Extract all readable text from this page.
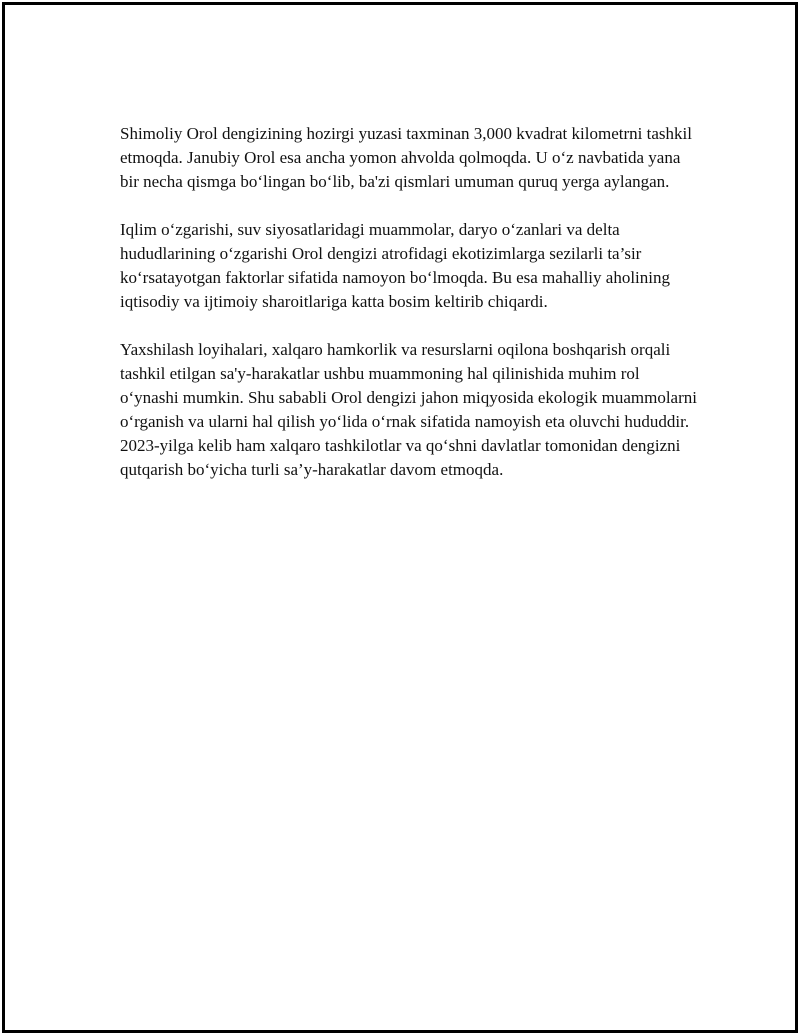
Shimoliy Orol dengizining hozirgi yuzasi taxminan 3,000 kvadrat kilometrni tashkil etmoqda. Janubiy Orol esa ancha yomon ahvolda qolmoqda. U o‘z navbatida yana bir necha qismga bo‘lingan bo‘lib, ba'zi qismlari umuman quruq yerga aylangan.

Iqlim o‘zgarishi, suv siyosatlaridagi muammolar, daryo o‘zanlari va delta hududlarining o‘zgarishi Orol dengizi atrofidagi ekotizimlarga sezilarli ta’sir ko‘rsatayotgan faktorlar sifatida namoyon bo‘lmoqda. Bu esa mahalliy aholining iqtisodiy va ijtimoiy sharoitlariga katta bosim keltirib chiqardi.

Yaxshilash loyihalari, xalqaro hamkorlik va resurslarni oqilona boshqarish orqali tashkil etilgan sa'y-harakatlar ushbu muammoning hal qilinishida muhim rol o‘ynashi mumkin. Shu sababli Orol dengizi jahon miqyosida ekologik muammolarni o‘rganish va ularni hal qilish yo‘lida o‘rnak sifatida namoyish eta oluvchi hududdir. 2023-yilga kelib ham xalqaro tashkilotlar va qo‘shni davlatlar tomonidan dengizni qutqarish bo‘yicha turli sa’y-harakatlar davom etmoqda.
